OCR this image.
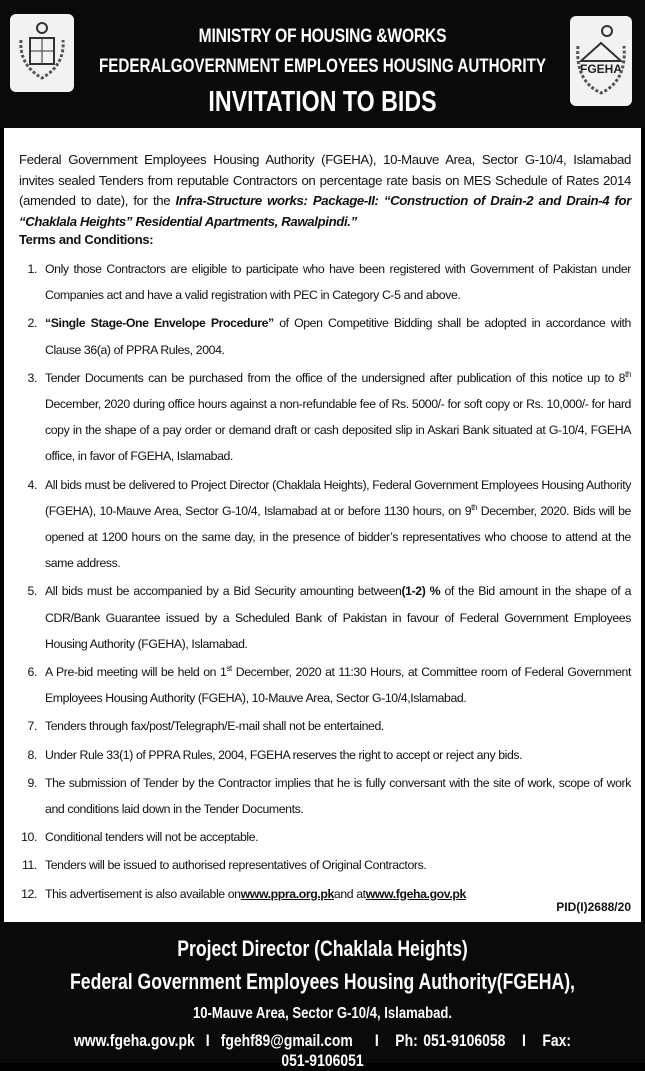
MINISTRY OF HOUSING &WORKS
FEDERALGOVERNMENT EMPLOYEES HOUSING AUTHORITY
INVITATION TO BIDS
FGEHA

Federal Government Employees Housing Authority (FGEHA), 10-Mauve Area, Sector G-10/4, Islamabad invites sealed Tenders from reputable Contractors on percentage rate basis on MES Schedule of Rates 2014 (amended to date), for the Infra-Structure works: Package-II: “Construction of Drain-2 and Drain-4 for “Chaklala Heights” Residential Apartments, Rawalpindi.”

Terms and Conditions:
1. Only those Contractors are eligible to participate who have been registered with Government of Pakistan under Companies act and have a valid registration with PEC in Category C-5 and above.
2. “Single Stage-One Envelope Procedure” of Open Competitive Bidding shall be adopted in accordance with Clause 36(a) of PPRA Rules, 2004.
3. Tender Documents can be purchased from the office of the undersigned after publication of this notice up to 8th December, 2020 during office hours against a non-refundable fee of Rs. 5000/- for soft copy or Rs. 10,000/- for hard copy in the shape of a pay order or demand draft or cash deposited slip in Askari Bank situated at G-10/4, FGEHA office, in favor of FGEHA, Islamabad.
4. All bids must be delivered to Project Director (Chaklala Heights), Federal Government Employees Housing Authority (FGEHA), 10-Mauve Area, Sector G-10/4, Islamabad at or before 1130 hours, on 9th December, 2020. Bids will be opened at 1200 hours on the same day, in the presence of bidder’s representatives who choose to attend at the same address.
5. All bids must be accompanied by a Bid Security amounting between(1-2) % of the Bid amount in the shape of a CDR/Bank Guarantee issued by a Scheduled Bank of Pakistan in favour of Federal Government Employees Housing Authority (FGEHA), Islamabad.
6. A Pre-bid meeting will be held on 1st December, 2020 at 11:30 Hours, at Committee room of Federal Government Employees Housing Authority (FGEHA), 10-Mauve Area, Sector G-10/4,Islamabad.
7. Tenders through fax/post/Telegraph/E-mail shall not be entertained.
8. Under Rule 33(1) of PPRA Rules, 2004, FGEHA reserves the right to accept or reject any bids.
9. The submission of Tender by the Contractor implies that he is fully conversant with the site of work, scope of work and conditions laid down in the Tender Documents.
10. Conditional tenders will not be acceptable.
11. Tenders will be issued to authorised representatives of Original Contractors.
12. This advertisement is also available onwww.ppra.org.pkand atwww.fgeha.gov.pk
PID(I)2688/20
Project Director (Chaklala Heights)
Federal Government Employees Housing Authority(FGEHA),
10-Mauve Area, Sector G-10/4, Islamabad.
www.fgeha.gov.pk I fgehf89@gmail.com I Ph: 051-9106058 I Fax: 051-9106051
